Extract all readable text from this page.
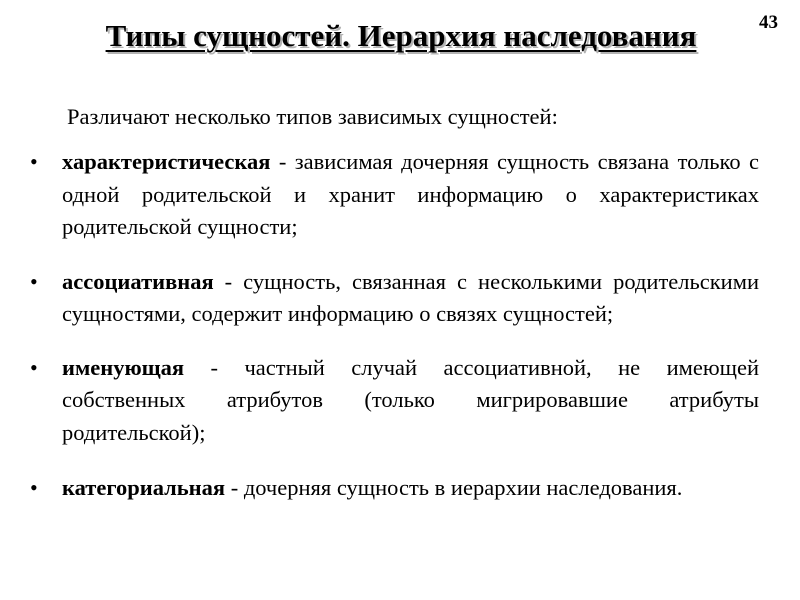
43
Типы сущностей. Иерархия наследования

Различают несколько типов зависимых сущностей:

• характеристическая - зависимая дочерняя сущность связана только с одной родительской и хранит информацию о характеристиках родительской сущности;
• ассоциативная - сущность, связанная с несколькими родительскими сущностями, содержит информацию о связях сущностей;
• именующая - частный случай ассоциативной, не имеющей собственных атрибутов (только мигрировавшие атрибуты родительской);
• категориальная - дочерняя сущность в иерархии наследования.
